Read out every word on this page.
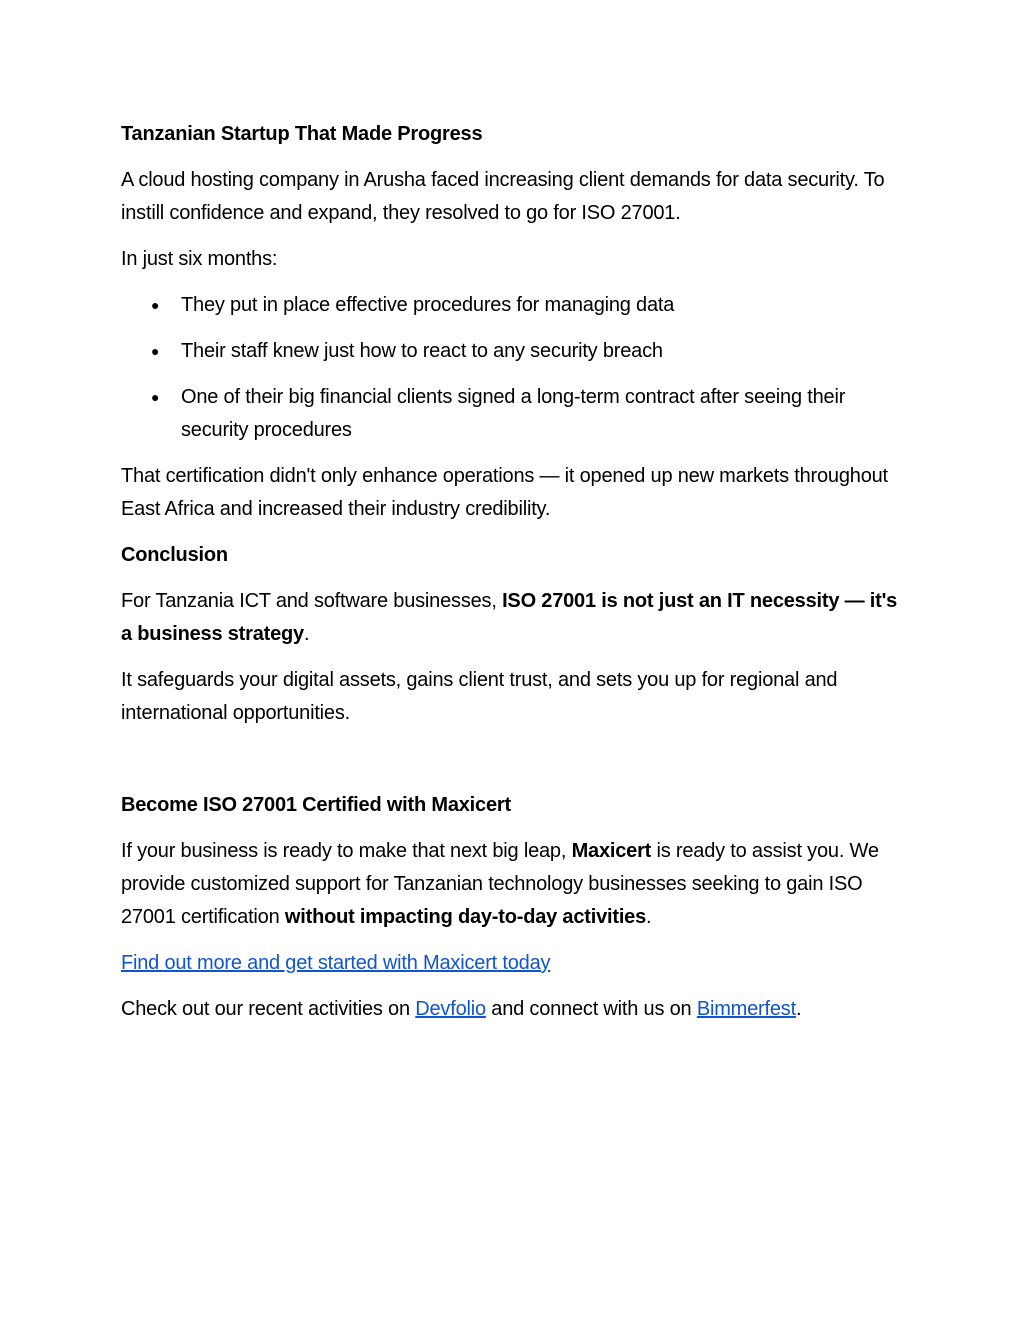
Tanzanian Startup That Made Progress

A cloud hosting company in Arusha faced increasing client demands for data security. To instill confidence and expand, they resolved to go for ISO 27001.

In just six months:

● They put in place effective procedures for managing data
● Their staff knew just how to react to any security breach
● One of their big financial clients signed a long-term contract after seeing their security procedures

That certification didn't only enhance operations — it opened up new markets throughout East Africa and increased their industry credibility.

Conclusion

For Tanzania ICT and software businesses, ISO 27001 is not just an IT necessity — it's a business strategy.

It safeguards your digital assets, gains client trust, and sets you up for regional and international opportunities.

Become ISO 27001 Certified with Maxicert

If your business is ready to make that next big leap, Maxicert is ready to assist you. We provide customized support for Tanzanian technology businesses seeking to gain ISO 27001 certification without impacting day-to-day activities.

Find out more and get started with Maxicert today

Check out our recent activities on Devfolio and connect with us on Bimmerfest.
